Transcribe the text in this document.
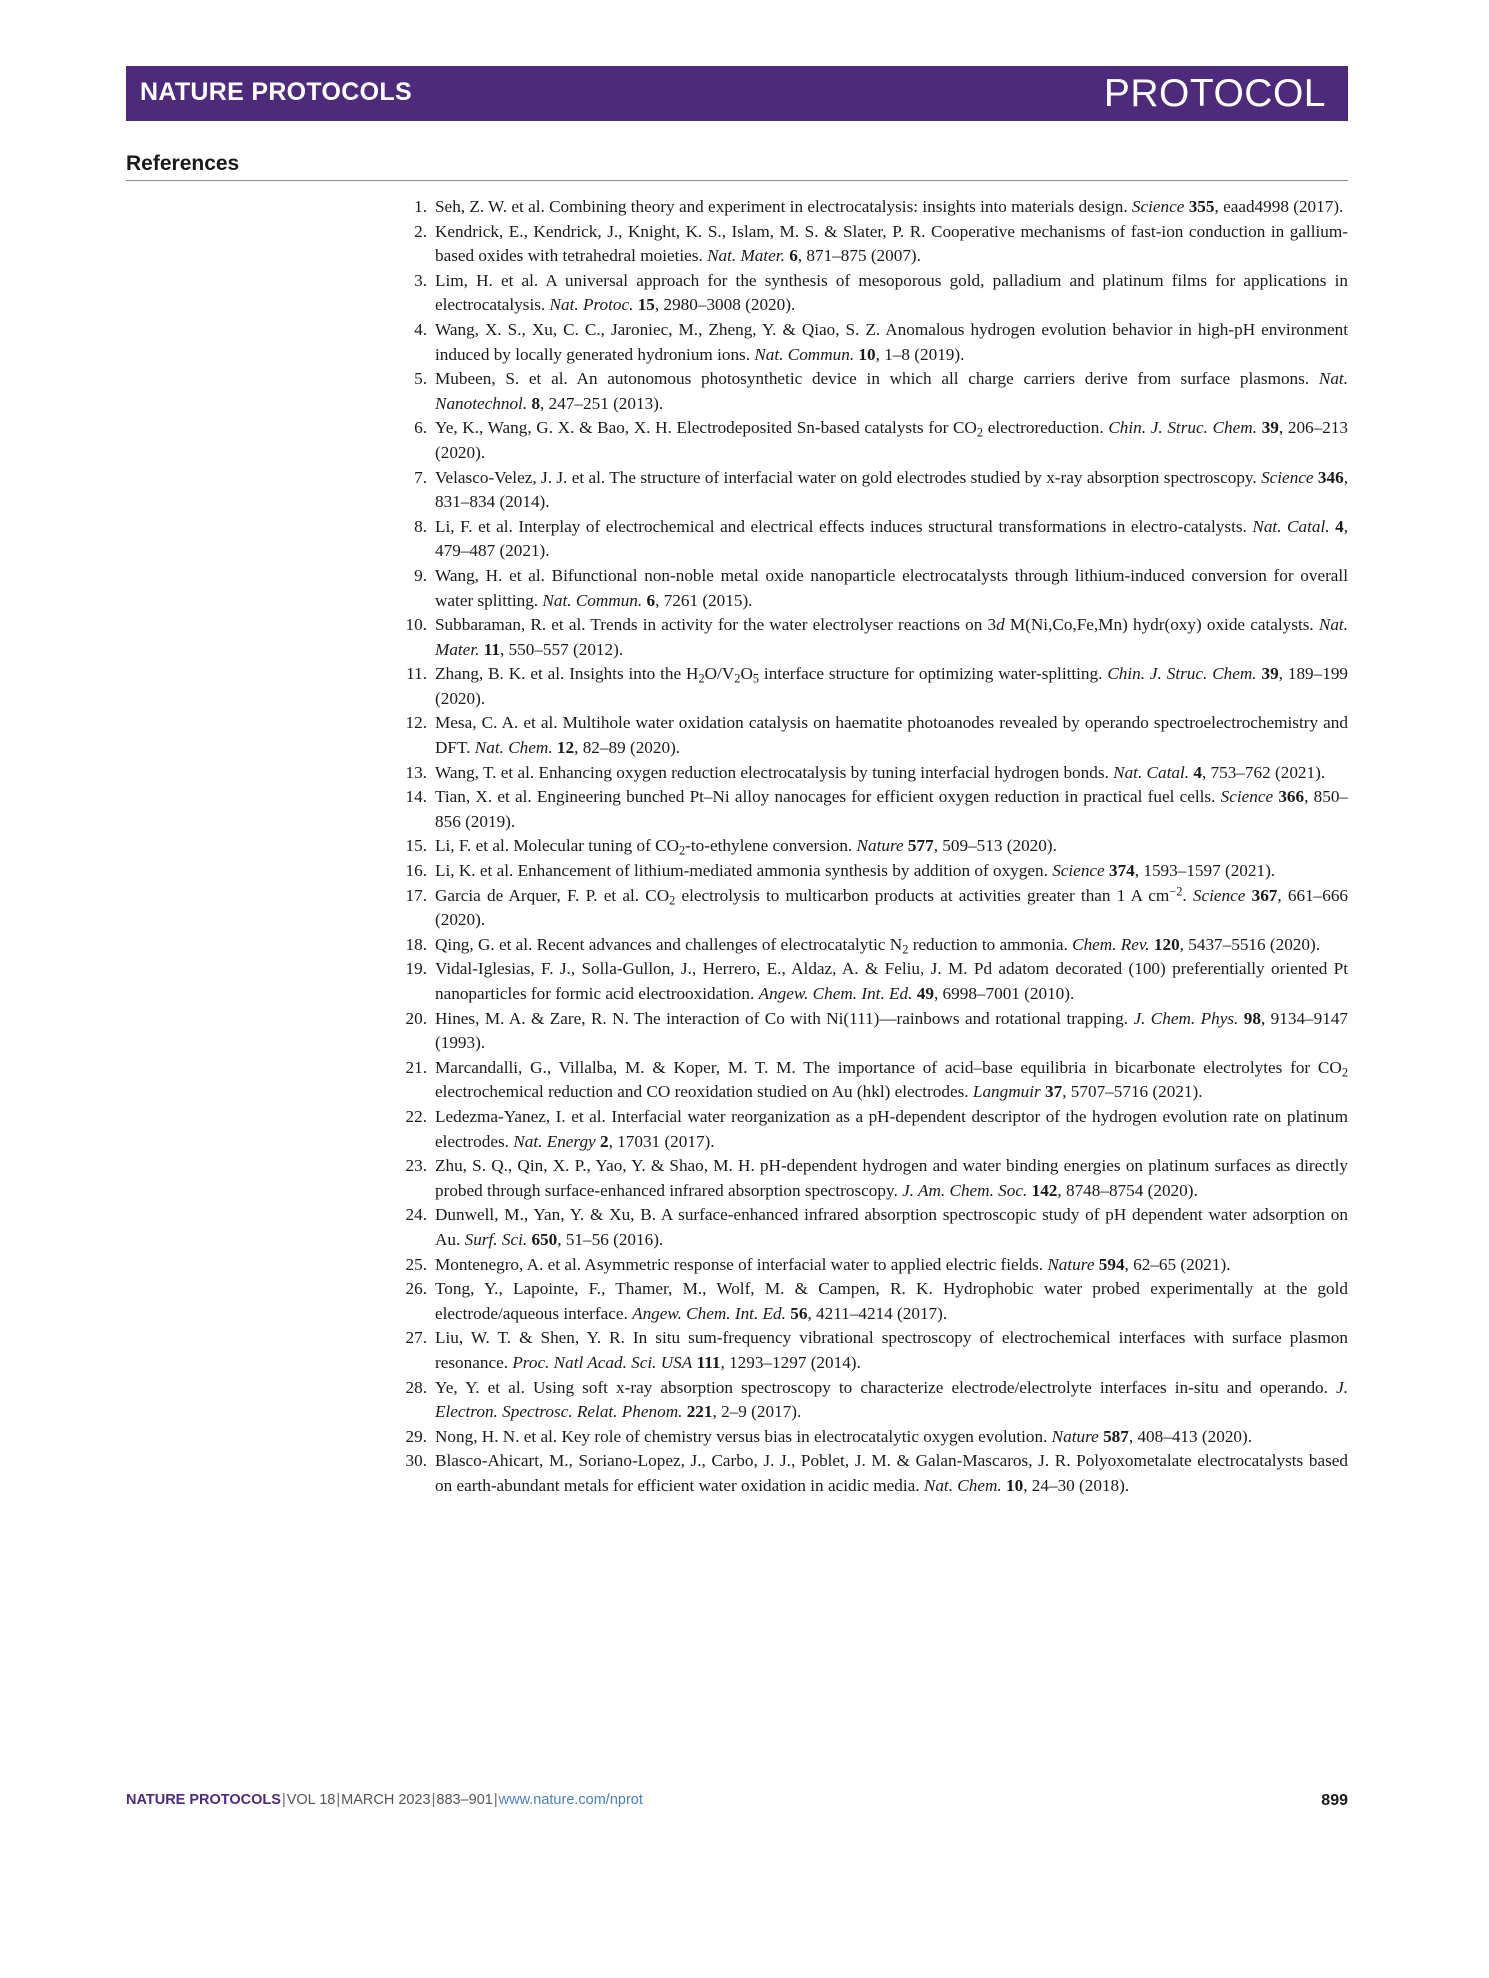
NATURE PROTOCOLS	PROTOCOL
References
1. Seh, Z. W. et al. Combining theory and experiment in electrocatalysis: insights into materials design. Science 355, eaad4998 (2017).
2. Kendrick, E., Kendrick, J., Knight, K. S., Islam, M. S. & Slater, P. R. Cooperative mechanisms of fast-ion conduction in gallium-based oxides with tetrahedral moieties. Nat. Mater. 6, 871–875 (2007).
3. Lim, H. et al. A universal approach for the synthesis of mesoporous gold, palladium and platinum films for applications in electrocatalysis. Nat. Protoc. 15, 2980–3008 (2020).
4. Wang, X. S., Xu, C. C., Jaroniec, M., Zheng, Y. & Qiao, S. Z. Anomalous hydrogen evolution behavior in high-pH environment induced by locally generated hydronium ions. Nat. Commun. 10, 1–8 (2019).
5. Mubeen, S. et al. An autonomous photosynthetic device in which all charge carriers derive from surface plasmons. Nat. Nanotechnol. 8, 247–251 (2013).
6. Ye, K., Wang, G. X. & Bao, X. H. Electrodeposited Sn-based catalysts for $CO_2$ electroreduction. Chin. J. Struc. Chem. 39, 206–213 (2020).
7. Velasco-Velez, J. J. et al. The structure of interfacial water on gold electrodes studied by x-ray absorption spectroscopy. Science 346, 831–834 (2014).
8. Li, F. et al. Interplay of electrochemical and electrical effects induces structural transformations in electro-catalysts. Nat. Catal. 4, 479–487 (2021).
9. Wang, H. et al. Bifunctional non-noble metal oxide nanoparticle electrocatalysts through lithium-induced conversion for overall water splitting. Nat. Commun. 6, 7261 (2015).
10. Subbaraman, R. et al. Trends in activity for the water electrolyser reactions on 3d M(Ni,Co,Fe,Mn) hydr(oxy) oxide catalysts. Nat. Mater. 11, 550–557 (2012).
11. Zhang, B. K. et al. Insights into the $H_2O/V_2O_5$ interface structure for optimizing water-splitting. Chin. J. Struc. Chem. 39, 189–199 (2020).
12. Mesa, C. A. et al. Multihole water oxidation catalysis on haematite photoanodes revealed by operando spectroelectrochemistry and DFT. Nat. Chem. 12, 82–89 (2020).
13. Wang, T. et al. Enhancing oxygen reduction electrocatalysis by tuning interfacial hydrogen bonds. Nat. Catal. 4, 753–762 (2021).
14. Tian, X. et al. Engineering bunched Pt–Ni alloy nanocages for efficient oxygen reduction in practical fuel cells. Science 366, 850–856 (2019).
15. Li, F. et al. Molecular tuning of $CO_2-to$-ethylene conversion. Nature 577, 509–513 (2020).
16. Li, K. et al. Enhancement of lithium-mediated ammonia synthesis by addition of oxygen. Science 374, 1593–1597 (2021).
17. Garcia de Arquer, F. P. et al. $CO_2$ electrolysis to multicarbon products at activities greater than 1 A $cm^{-2}$. Science 367, 661–666 (2020).
18. Qing, G. et al. Recent advances and challenges of electrocatalytic $N_2$ reduction to ammonia. Chem. Rev. 120, 5437–5516 (2020).
19. Vidal-Iglesias, F. J., Solla-Gullon, J., Herrero, E., Aldaz, A. & Feliu, J. M. Pd adatom decorated (100) preferentially oriented Pt nanoparticles for formic acid electrooxidation. Angew. Chem. Int. Ed. 49, 6998–7001 (2010).
20. Hines, M. A. & Zare, R. N. The interaction of Co with Ni(111)—rainbows and rotational trapping. J. Chem. Phys. 98, 9134–9147 (1993).
21. Marcandalli, G., Villalba, M. & Koper, M. T. M. The importance of acid–base equilibria in bicarbonate electrolytes for $CO_2$ electrochemical reduction and CO reoxidation studied on Au (hkl) electrodes. Langmuir 37, 5707–5716 (2021).
22. Ledezma-Yanez, I. et al. Interfacial water reorganization as a pH-dependent descriptor of the hydrogen evolution rate on platinum electrodes. Nat. Energy 2, 17031 (2017).
23. Zhu, S. Q., Qin, X. P., Yao, Y. & Shao, M. H. pH-dependent hydrogen and water binding energies on platinum surfaces as directly probed through surface-enhanced infrared absorption spectroscopy. J. Am. Chem. Soc. 142, 8748–8754 (2020).
24. Dunwell, M., Yan, Y. & Xu, B. A surface-enhanced infrared absorption spectroscopic study of pH dependent water adsorption on Au. Surf. Sci. 650, 51–56 (2016).
25. Montenegro, A. et al. Asymmetric response of interfacial water to applied electric fields. Nature 594, 62–65 (2021).
26. Tong, Y., Lapointe, F., Thamer, M., Wolf, M. & Campen, R. K. Hydrophobic water probed experimentally at the gold electrode/aqueous interface. Angew. Chem. Int. Ed. 56, 4211–4214 (2017).
27. Liu, W. T. & Shen, Y. R. In situ sum-frequency vibrational spectroscopy of electrochemical interfaces with surface plasmon resonance. Proc. Natl Acad. Sci. USA 111, 1293–1297 (2014).
28. Ye, Y. et al. Using soft x-ray absorption spectroscopy to characterize electrode/electrolyte interfaces in-situ and operando. J. Electron. Spectrosc. Relat. Phenom. 221, 2–9 (2017).
29. Nong, H. N. et al. Key role of chemistry versus bias in electrocatalytic oxygen evolution. Nature 587, 408–413 (2020).
30. Blasco-Ahicart, M., Soriano-Lopez, J., Carbo, J. J., Poblet, J. M. & Galan-Mascaros, J. R. Polyoxometalate electrocatalysts based on earth-abundant metals for efficient water oxidation in acidic media. Nat. Chem. 10, 24–30 (2018).
NATURE PROTOCOLS|VOL 18|MARCH 2023|883–901|www.nature.com/nprot	899
